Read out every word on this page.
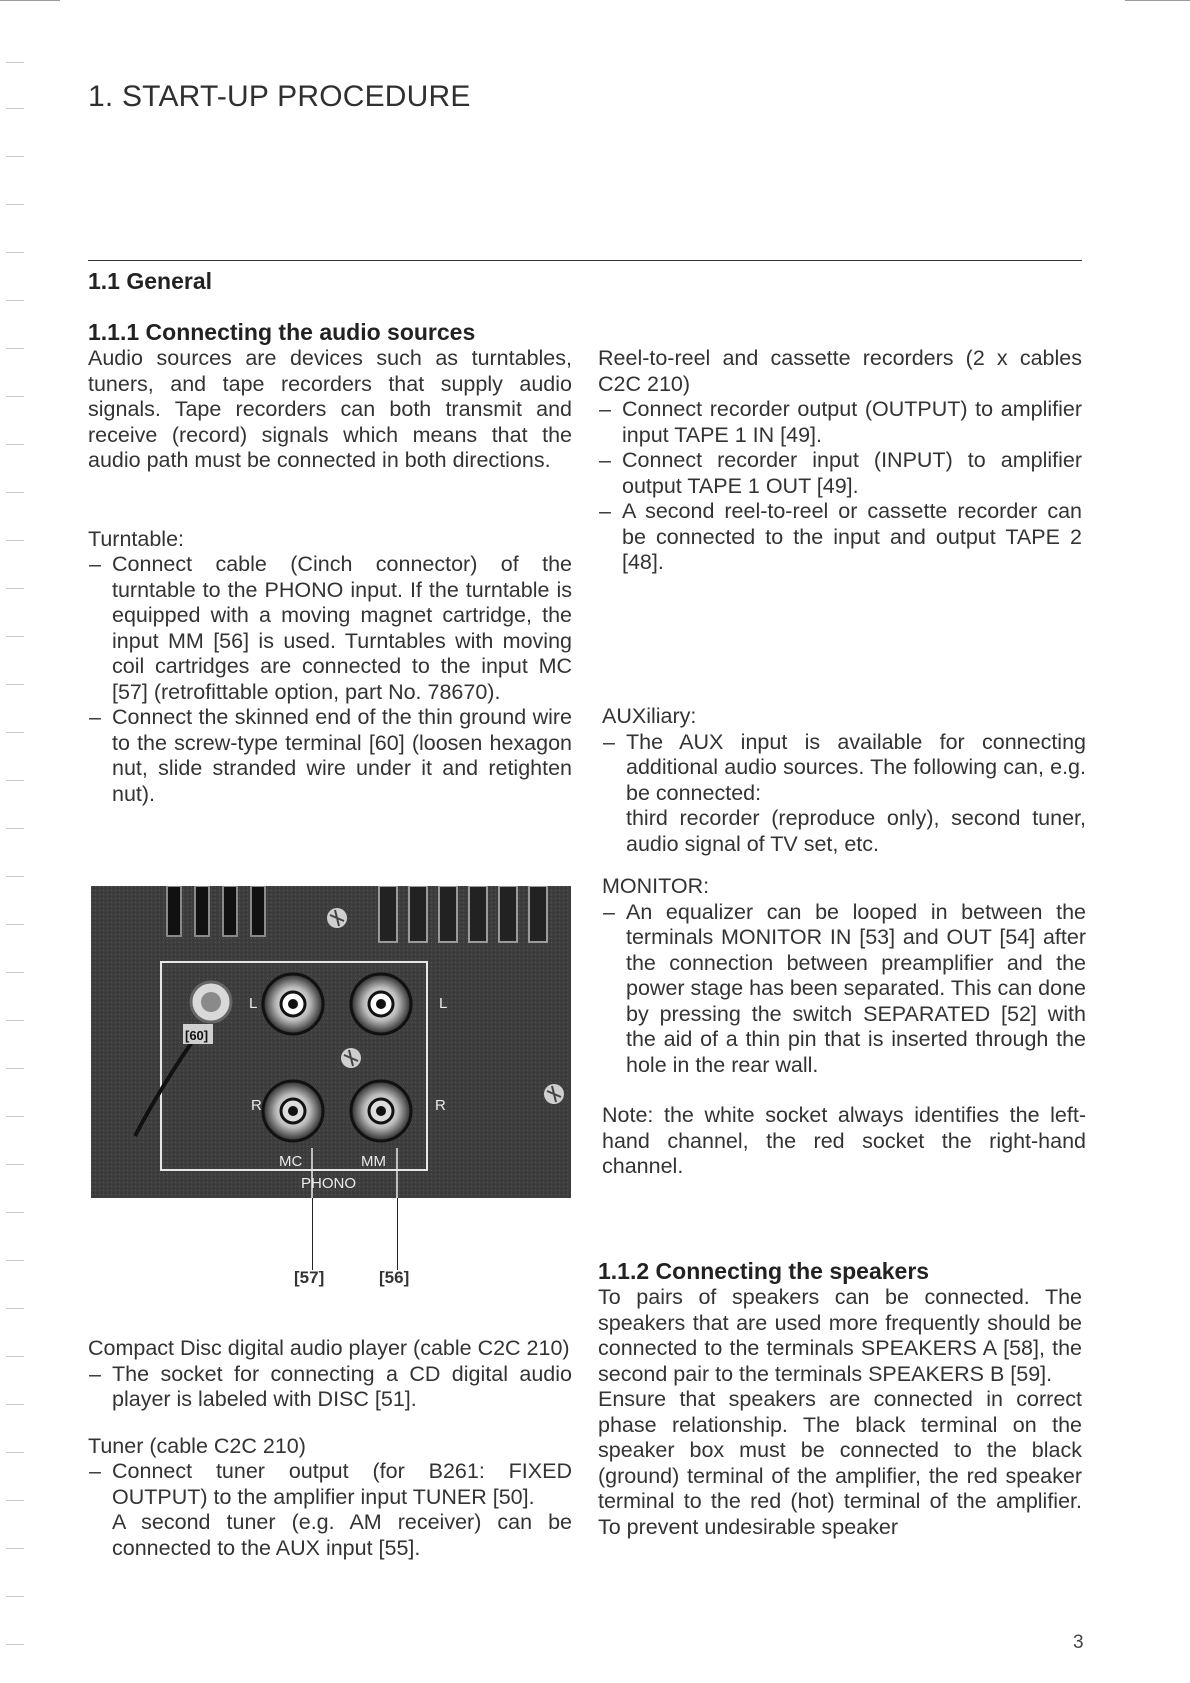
1. START-UP PROCEDURE
1.1 General
1.1.1 Connecting the audio sources

Audio sources are devices such as turntables, tuners, and tape recorders that supply audio signals. Tape recorders can both transmit and receive (record) signals which means that the audio path must be connected in both directions.

Turntable:

– Connect cable (Cinch connector) of the turntable to the PHONO input. If the turntable is equipped with a moving magnet cartridge, the input MM [56] is used. Turntables with moving coil cartridges are connected to the input MC [57] (retrofittable option, part No. 78670).
– Connect the skinned end of the thin ground wire to the screw-type terminal [60] (loosen hexagon nut, slide stranded wire under it and retighten nut).
[60]
L	L
R	R
MC	MM
PHONO
[57]	[56]

Compact Disc digital audio player (cable C2C 210)

– The socket for connecting a CD digital audio player is labeled with DISC [51].

Tuner (cable C2C 210)

– Connect tuner output (for B261: FIXED OUTPUT) to the amplifier input TUNER [50].

A second tuner (e.g. AM receiver) can be connected to the AUX input [55].

Reel-to-reel and cassette recorders (2 x cables C2C 210)

– Connect recorder output (OUTPUT) to amplifier input TAPE 1 IN [49].
– Connect recorder input (INPUT) to amplifier output TAPE 1 OUT [49].
– A second reel-to-reel or cassette recorder can be connected to the input and output TAPE 2 [48].

AUXiliary:

– The AUX input is available for connecting additional audio sources. The following can, e.g. be connected:

third recorder (reproduce only), second tuner, audio signal of TV set, etc.

MONITOR:

– An equalizer can be looped in between the terminals MONITOR IN [53] and OUT [54] after the connection between preamplifier and the power stage has been separated. This can done by pressing the switch SEPARATED [52] with the aid of a thin pin that is inserted through the hole in the rear wall.

Note: the white socket always identifies the left-hand channel, the red socket the right-hand channel.

1.1.2 Connecting the speakers

To pairs of speakers can be connected. The speakers that are used more frequently should be connected to the terminals SPEAKERS A [58], the second pair to the terminals SPEAKERS B [59].

Ensure that speakers are connected in correct phase relationship. The black terminal on the speaker box must be connected to the black (ground) terminal of the amplifier, the red speaker terminal to the red (hot) terminal of the amplifier. To prevent undesirable speaker

3
